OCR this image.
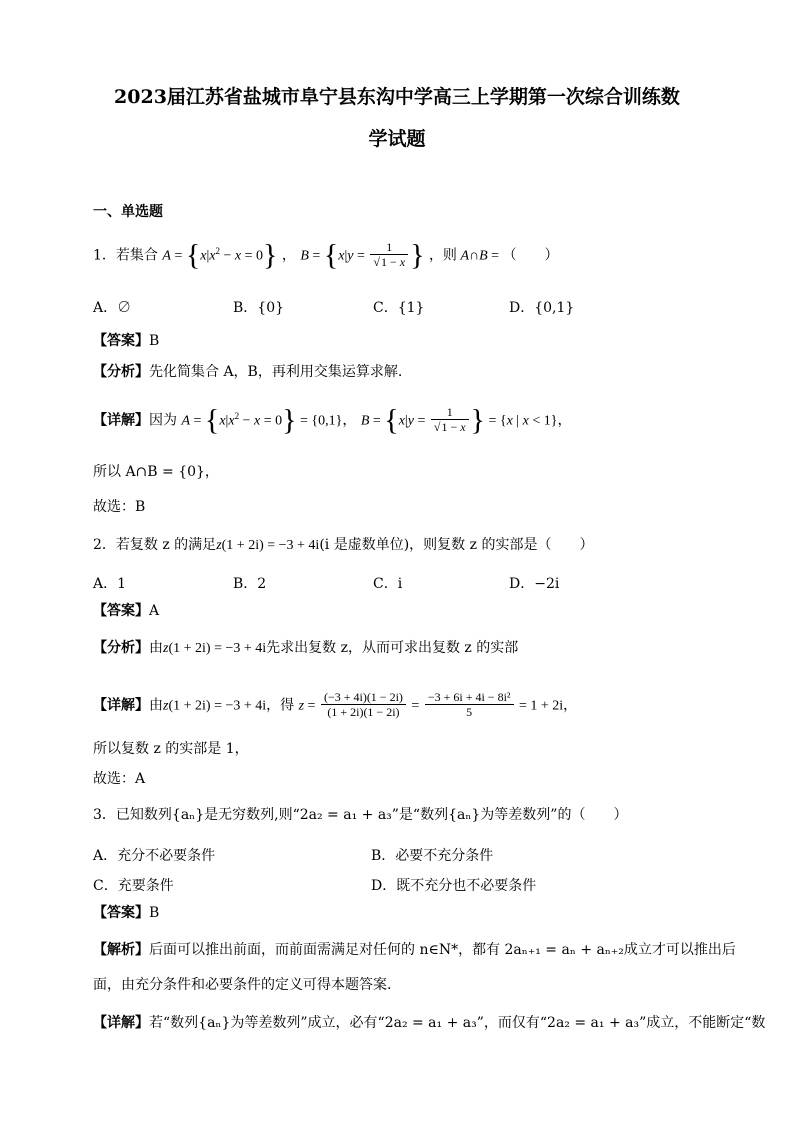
2023届江苏省盐城市阜宁县东沟中学高三上学期第一次综合训练数
学试题
一、单选题
1．若集合 $A = \{x|x^2 - x = 0\}$ ， $B = \{x|y = \frac{1}{√1 - x}$ } ，则 A∩B = （　　）
A．∅	B．{0}	C．{1}	D．{0,1}
【答案】B
【分析】先化简集合 A，B，再利用交集运算求解.
【详解】因为 $A = \{x|x^2 - x = 0\} = \{0,1\}$， $B = \{x|y = \frac{1}{√1 - x}$ } = {x | x < 1}，
所以 A∩B = {0}，
故选：B
2．若复数 z 的满足z(1 + 2i) = −3 + 4i(i 是虚数单位)，则复数 z 的实部是（　　）
A．1	B．2	C．i	D．−2i
【答案】A
【分析】由z(1 + 2i) = −3 + 4i先求出复数 z，从而可求出复数 z 的实部
【详解】由z(1 + 2i) = −3 + 4i，得 $z = \frac{(-3 + 4i)(1 - 2i)}{(1 + 2i)(1 - 2i)} = \frac{\text{−3 + 6i + 4i − 8i²}}{5} = 1 + 2i$，
所以复数 z 的实部是 1，
故选：A
3．已知数列{aₙ}是无穷数列,则“2a₂ = a₁ + a₃”是“数列{aₙ}为等差数列”的（　　）
A．充分不必要条件	B．必要不充分条件
C．充要条件	D．既不充分也不必要条件
【答案】B
【解析】后面可以推出前面，而前面需满足对任何的 n∈N*，都有 2aₙ₊₁ = aₙ + aₙ₊₂成立才可以推出后
面，由充分条件和必要条件的定义可得本题答案.
【详解】若“数列{aₙ}为等差数列”成立，必有“2a₂ = a₁ + a₃”，而仅有“2a₂ = a₁ + a₃”成立，不能断定“数
